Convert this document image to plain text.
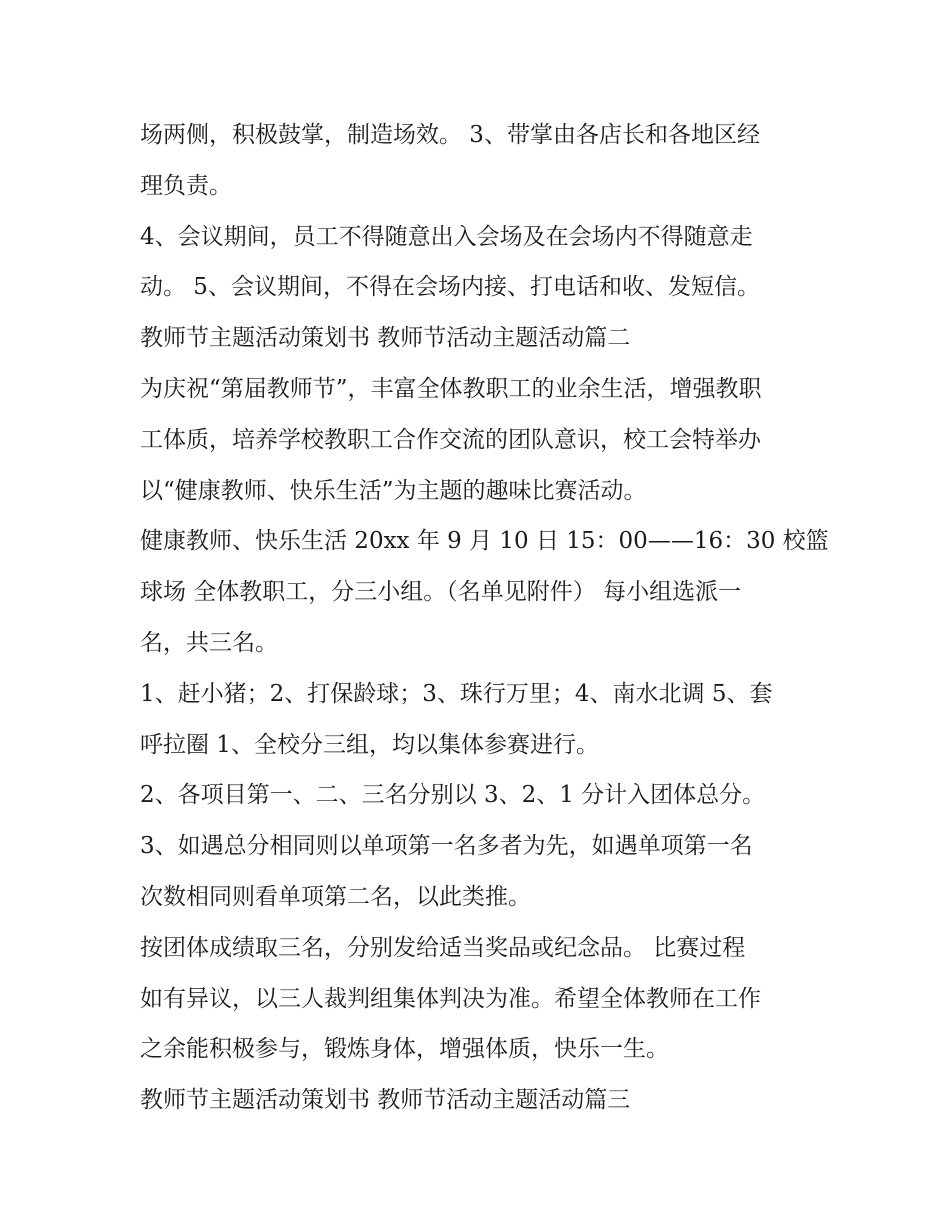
场两侧，积极鼓掌，制造场效。 3、带掌由各店长和各地区经
理负责。
4、会议期间，员工不得随意出入会场及在会场内不得随意走
动。 5、会议期间，不得在会场内接、打电话和收、发短信。
教师节主题活动策划书 教师节活动主题活动篇二
为庆祝“第届教师节”，丰富全体教职工的业余生活，增强教职
工体质，培养学校教职工合作交流的团队意识，校工会特举办
以“健康教师、快乐生活”为主题的趣味比赛活动。
健康教师、快乐生活 20xx 年 9 月 10 日 15：00——16：30 校篮
球场 全体教职工，分三小组。（名单见附件） 每小组选派一
名，共三名。
1、赶小猪；2、打保龄球；3、珠行万里；4、南水北调 5、套
呼拉圈 1、全校分三组，均以集体参赛进行。
2、各项目第一、二、三名分别以 3、2、1 分计入团体总分。
3、如遇总分相同则以单项第一名多者为先，如遇单项第一名
次数相同则看单项第二名，以此类推。
按团体成绩取三名，分别发给适当奖品或纪念品。 比赛过程
如有异议，以三人裁判组集体判决为准。希望全体教师在工作
之余能积极参与，锻炼身体，增强体质，快乐一生。
教师节主题活动策划书 教师节活动主题活动篇三
